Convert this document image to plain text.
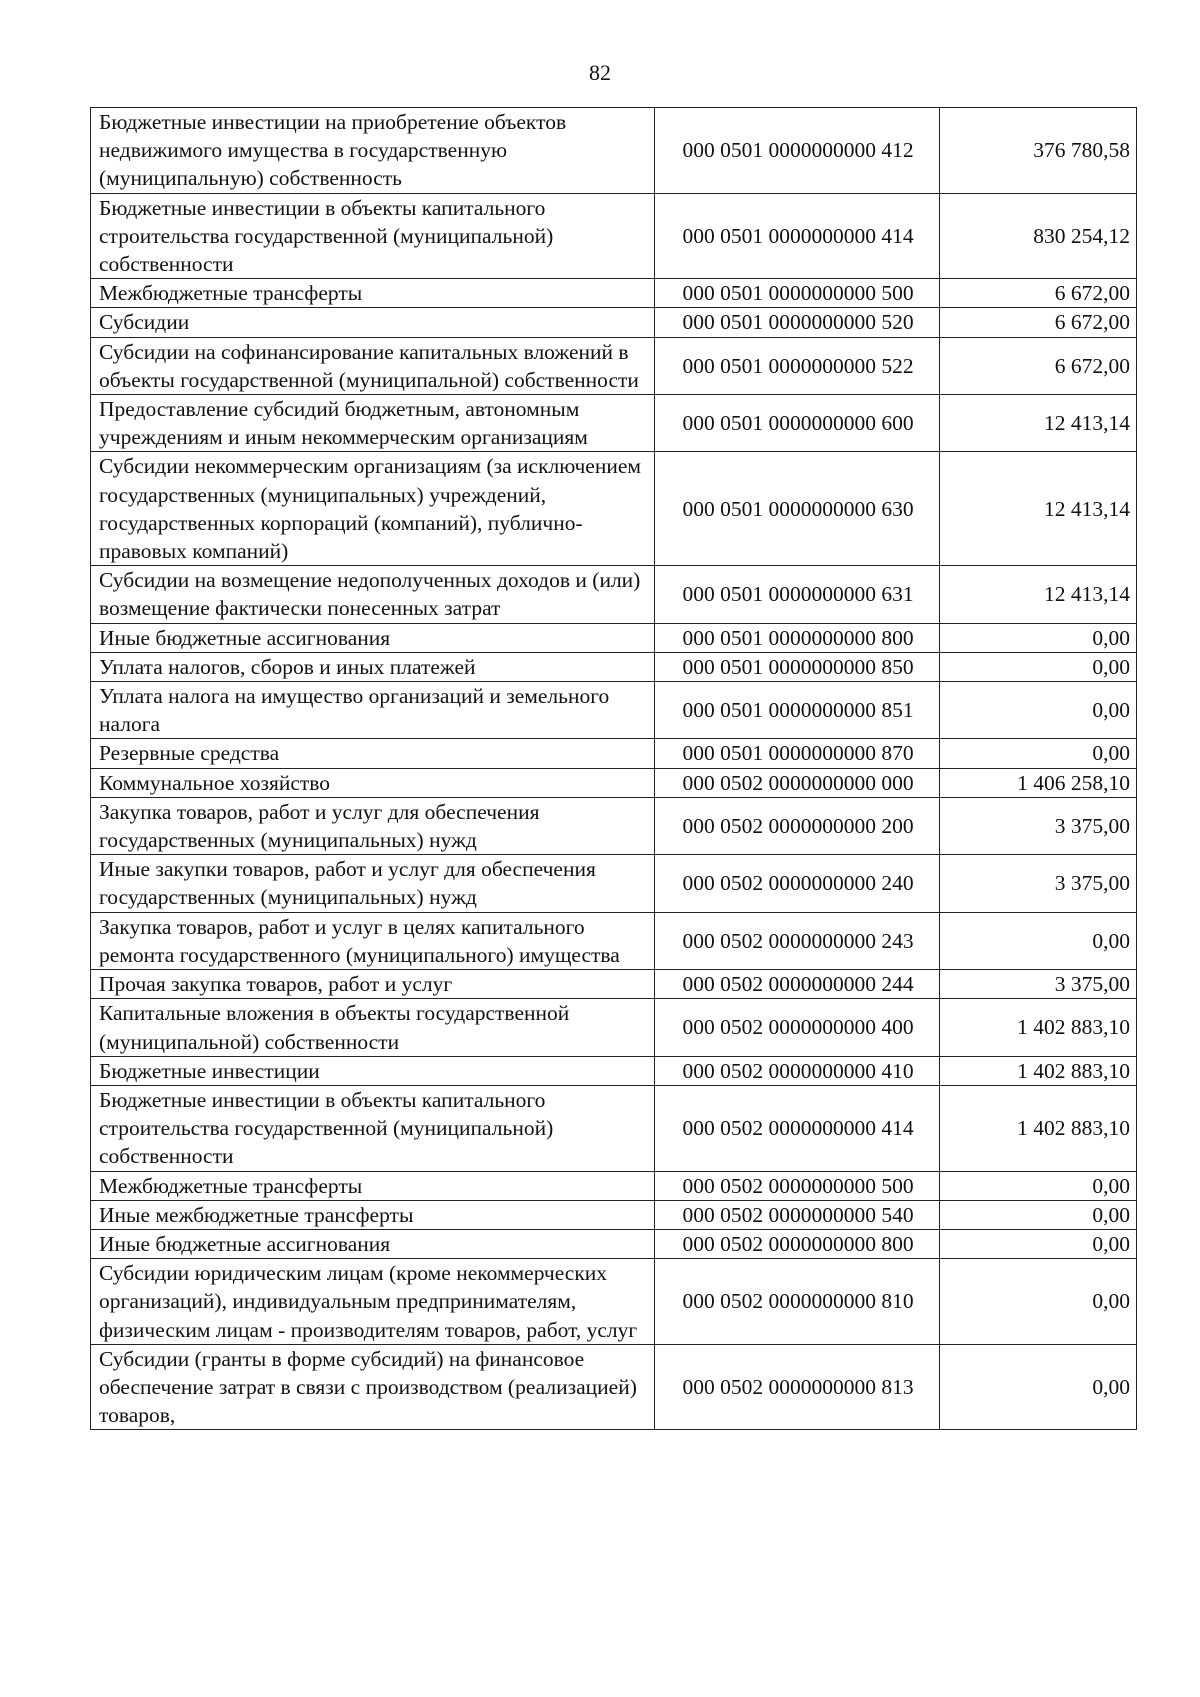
82
Бюджетные инвестиции на приобретение объектов недвижимого имущества в государственную (муниципальную) собственность	000 0501 0000000000 412	376 780,58
Бюджетные инвестиции в объекты капитального строительства государственной (муниципальной) собственности	000 0501 0000000000 414	830 254,12
Межбюджетные трансферты	000 0501 0000000000 500	6 672,00
Субсидии	000 0501 0000000000 520	6 672,00
Субсидии на софинансирование капитальных вложений в объекты государственной (муниципальной) собственности	000 0501 0000000000 522	6 672,00
Предоставление субсидий бюджетным, автономным учреждениям и иным некоммерческим организациям	000 0501 0000000000 600	12 413,14
Субсидии некоммерческим организациям (за исключением государственных (муниципальных) учреждений, государственных корпораций (компаний), публично-правовых компаний)	000 0501 0000000000 630	12 413,14
Субсидии на возмещение недополученных доходов и (или) возмещение фактически понесенных затрат	000 0501 0000000000 631	12 413,14
Иные бюджетные ассигнования	000 0501 0000000000 800	0,00
Уплата налогов, сборов и иных платежей	000 0501 0000000000 850	0,00
Уплата налога на имущество организаций и земельного налога	000 0501 0000000000 851	0,00
Резервные средства	000 0501 0000000000 870	0,00
Коммунальное хозяйство	000 0502 0000000000 000	1 406 258,10
Закупка товаров, работ и услуг для обеспечения государственных (муниципальных) нужд	000 0502 0000000000 200	3 375,00
Иные закупки товаров, работ и услуг для обеспечения государственных (муниципальных) нужд	000 0502 0000000000 240	3 375,00
Закупка товаров, работ и услуг в целях капитального ремонта государственного (муниципального) имущества	000 0502 0000000000 243	0,00
Прочая закупка товаров, работ и услуг	000 0502 0000000000 244	3 375,00
Капитальные вложения в объекты государственной (муниципальной) собственности	000 0502 0000000000 400	1 402 883,10
Бюджетные инвестиции	000 0502 0000000000 410	1 402 883,10
Бюджетные инвестиции в объекты капитального строительства государственной (муниципальной) собственности	000 0502 0000000000 414	1 402 883,10
Межбюджетные трансферты	000 0502 0000000000 500	0,00
Иные межбюджетные трансферты	000 0502 0000000000 540	0,00
Иные бюджетные ассигнования	000 0502 0000000000 800	0,00
Субсидии юридическим лицам (кроме некоммерческих организаций), индивидуальным предпринимателям, физическим лицам - производителям товаров, работ, услуг	000 0502 0000000000 810	0,00
Субсидии (гранты в форме субсидий) на финансовое обеспечение затрат в связи с производством (реализацией) товаров,	000 0502 0000000000 813	0,00
